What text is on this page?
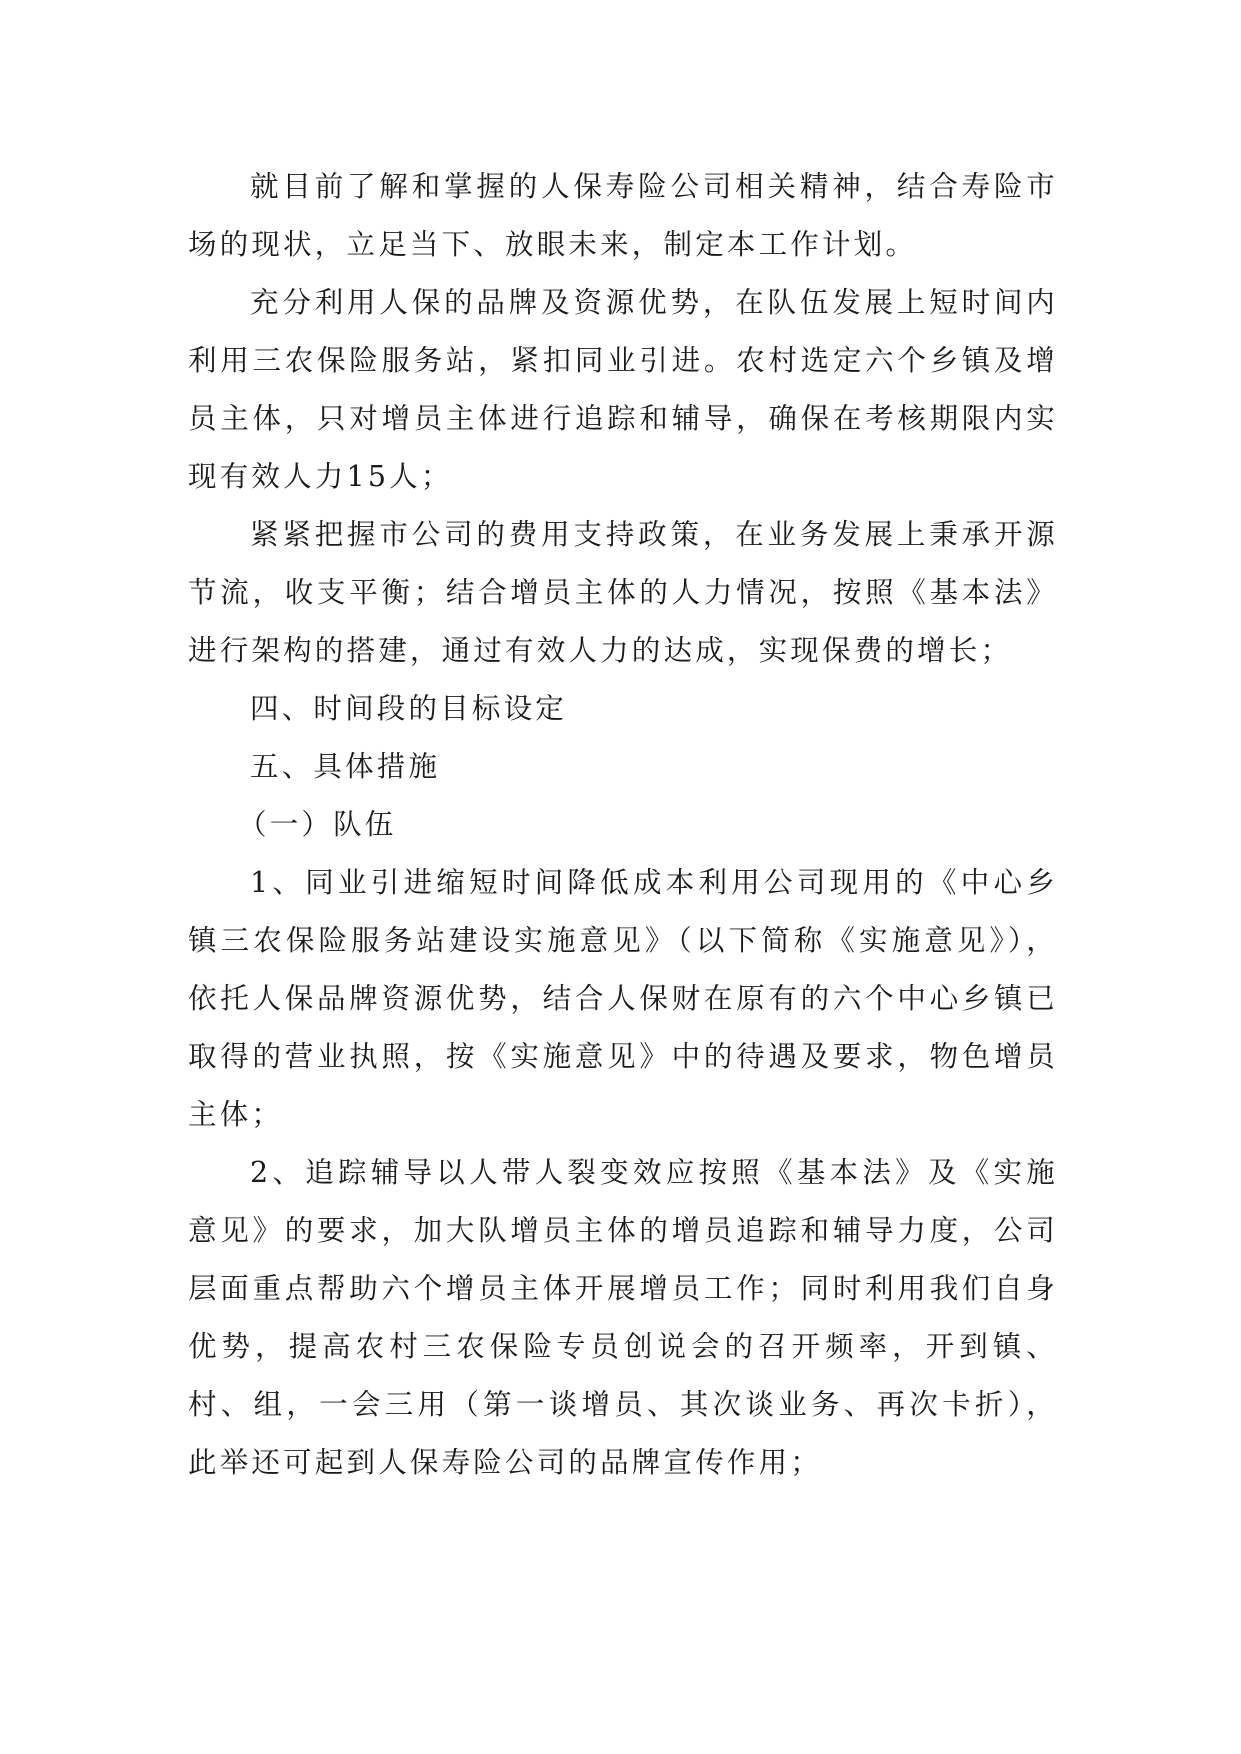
就目前了解和掌握的人保寿险公司相关精神，结合寿险市场的现状，立足当下、放眼未来，制定本工作计划。

充分利用人保的品牌及资源优势，在队伍发展上短时间内利用三农保险服务站，紧扣同业引进。农村选定六个乡镇及增员主体，只对增员主体进行追踪和辅导，确保在考核期限内实现有效人力15人；

紧紧把握市公司的费用支持政策，在业务发展上秉承开源节流，收支平衡；结合增员主体的人力情况，按照《基本法》进行架构的搭建，通过有效人力的达成，实现保费的增长；

四、时间段的目标设定

五、具体措施

（一）队伍

1、同业引进缩短时间降低成本利用公司现用的《中心乡镇三农保险服务站建设实施意见》（以下简称《实施意见》），依托人保品牌资源优势，结合人保财在原有的六个中心乡镇已取得的营业执照，按《实施意见》中的待遇及要求，物色增员主体；

2、追踪辅导以人带人裂变效应按照《基本法》及《实施意见》的要求，加大队增员主体的增员追踪和辅导力度，公司层面重点帮助六个增员主体开展增员工作；同时利用我们自身优势，提高农村三农保险专员创说会的召开频率，开到镇、村、组，一会三用（第一谈增员、其次谈业务、再次卡折），此举还可起到人保寿险公司的品牌宣传作用；
